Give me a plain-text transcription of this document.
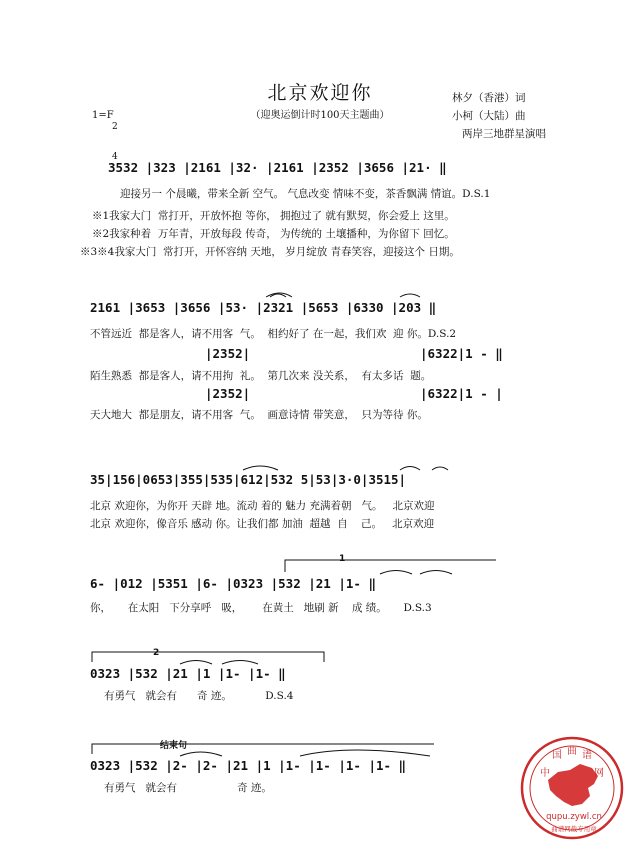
北京欢迎你
（迎奥运倒计时100天主题曲）
林夕（香港）词
小柯（大陆）曲
两岸三地群星演唱
1=F

2

4

3532 |323 |2161 |32· |2161 |2352 |3656 |21· ‖
迎接另一 个晨曦，带来全新 空气。 气息改变 情味不变，茶香飘满 情谊。D.S.1
※1我家大门  常打开，开放怀抱 等你， 拥抱过了 就有默契，你会爱上 这里。
※2我家种着  万年青，开放每段 传奇， 为传统的 土壤播种，为你留下 回忆。
※3※4我家大门  常打开，开怀容纳 天地， 岁月绽放 青春笑容，迎接这个 日期。
2161 |3653 |3656 |53· |2321 |5653 |6330 |203 ‖
不管远近  都是客人，请不用客  气。  相约好了 在一起，我们欢  迎 你。D.S.2
|2352|	|6322|1 - ‖
陌生熟悉  都是客人，请不用拘  礼。  第几次来 没关系，  有太多话  题。
|2352|	|6322|1 - |
天大地大  都是朋友，请不用客  气。  画意诗情 带笑意，  只为等待 你。
35|156|0653|355|535|612|532 5|53|3·0|3515|
北京 欢迎你，为你开 天辟 地。流动 着的 魅力 充满着朝   气。   北京欢迎
北京 欢迎你，像音乐 感动 你。让我们都 加油  超越  自    己。   北京欢迎
1
6- |012 |5351 |6- |0323 |532 |21 |1- ‖
你，     在太阳   下分享呼   吸，      在黄土   地刷 新    成 绩。     D.S.3
2
0323 |532 |21 |1 |1- |1- ‖
有勇气   就会有      奇 迹。          D.S.4
结束句
0323 |532 |2- |2- |21 |1 |1- |1- |1- |1- ‖
有勇气   就会有                  奇 迹。
中
国 曲 谱
网
qupu.zywl.cn
曲谱网截专用章
